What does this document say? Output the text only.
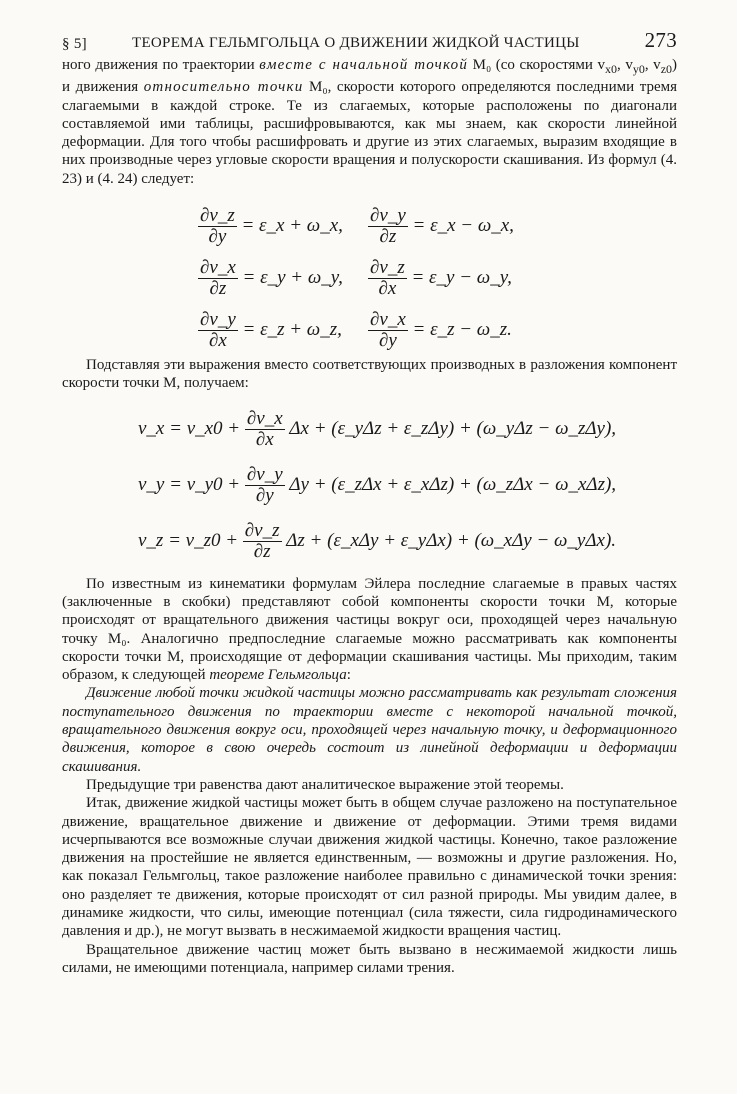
§ 5]	ТЕОРЕМА ГЕЛЬМГОЛЬЦА О ДВИЖЕНИИ ЖИДКОЙ ЧАСТИЦЫ	273

ного движения по траектории вместе с начальной точкой M₀ (со скоростями $v_{x0}$, $v_{y0}$, $v_{z0}$) и движения относительно точки M₀, скорости которого определяются последними тремя слагаемыми в каждой строке. Те из слагаемых, которые расположены по диагонали составляемой ими таблицы, расшифровываются, как мы знаем, как скорости линейной деформации. Для того чтобы расшифровать и другие из этих слагаемых, выразим входящие в них производные через угловые скорости вращения и полускорости скашивания. Из формул (4. 23) и (4. 24) следует:

$\frac{\partial v\_z}{\partial y}$ = ε_x + ω_x, $\frac{\partial v\_y}{\partial z}$ = ε_x − ω_x,
$\frac{\partial v\_x}{\partial z}$ = ε_y + ω_y, $\frac{\partial v\_z}{\partial x}$ = ε_y − ω_y,
$\frac{\partial v\_y}{\partial x}$ = ε_z + ω_z, $\frac{\partial v\_x}{\partial y}$ = ε_z − ω_z.

Подставляя эти выражения вместо соответствующих производных в разложения компонент скорости точки M, получаем:

v_x = v_x0 + $\frac{\partial v\_x}{\partial x}$ Δx + (ε_yΔz + ε_zΔy) + (ω_yΔz − ω_zΔy),
v_y = v_y0 + $\frac{\partial v\_y}{\partial y}$ Δy + (ε_zΔx + ε_xΔz) + (ω_zΔx − ω_xΔz),
v_z = v_z0 + $\frac{\partial v\_z}{\partial z}$ Δz + (ε_xΔy + ε_yΔx) + (ω_xΔy − ω_yΔx).

По известным из кинематики формулам Эйлера последние слагаемые в правых частях (заключенные в скобки) представляют собой компоненты скорости точки M, которые происходят от вращательного движения частицы вокруг оси, проходящей через начальную точку M₀. Аналогично предпоследние слагаемые можно рассматривать как компоненты скорости точки M, происходящие от деформации скашивания частицы. Мы приходим, таким образом, к следующей теореме Гельмгольца:

Движение любой точки жидкой частицы можно рассматривать как результат сложения поступательного движения по траектории вместе с некоторой начальной точкой, вращательного движения вокруг оси, проходящей через начальную точку, и деформационного движения, которое в свою очередь состоит из линейной деформации и деформации скашивания.

Предыдущие три равенства дают аналитическое выражение этой теоремы.

Итак, движение жидкой частицы может быть в общем случае разложено на поступательное движение, вращательное движение и движение от деформации. Этими тремя видами исчерпываются все возможные случаи движения жидкой частицы. Конечно, такое разложение движения на простейшие не является единственным, — возможны и другие разложения. Но, как показал Гельмгольц, такое разложение наиболее правильно с динамической точки зрения: оно разделяет те движения, которые происходят от сил разной природы. Мы увидим далее, в динамике жидкости, что силы, имеющие потенциал (сила тяжести, сила гидродинамического давления и др.), не могут вызвать в несжимаемой жидкости вращения частиц.

Вращательное движение частиц может быть вызвано в несжимаемой жидкости лишь силами, не имеющими потенциала, например силами трения.
